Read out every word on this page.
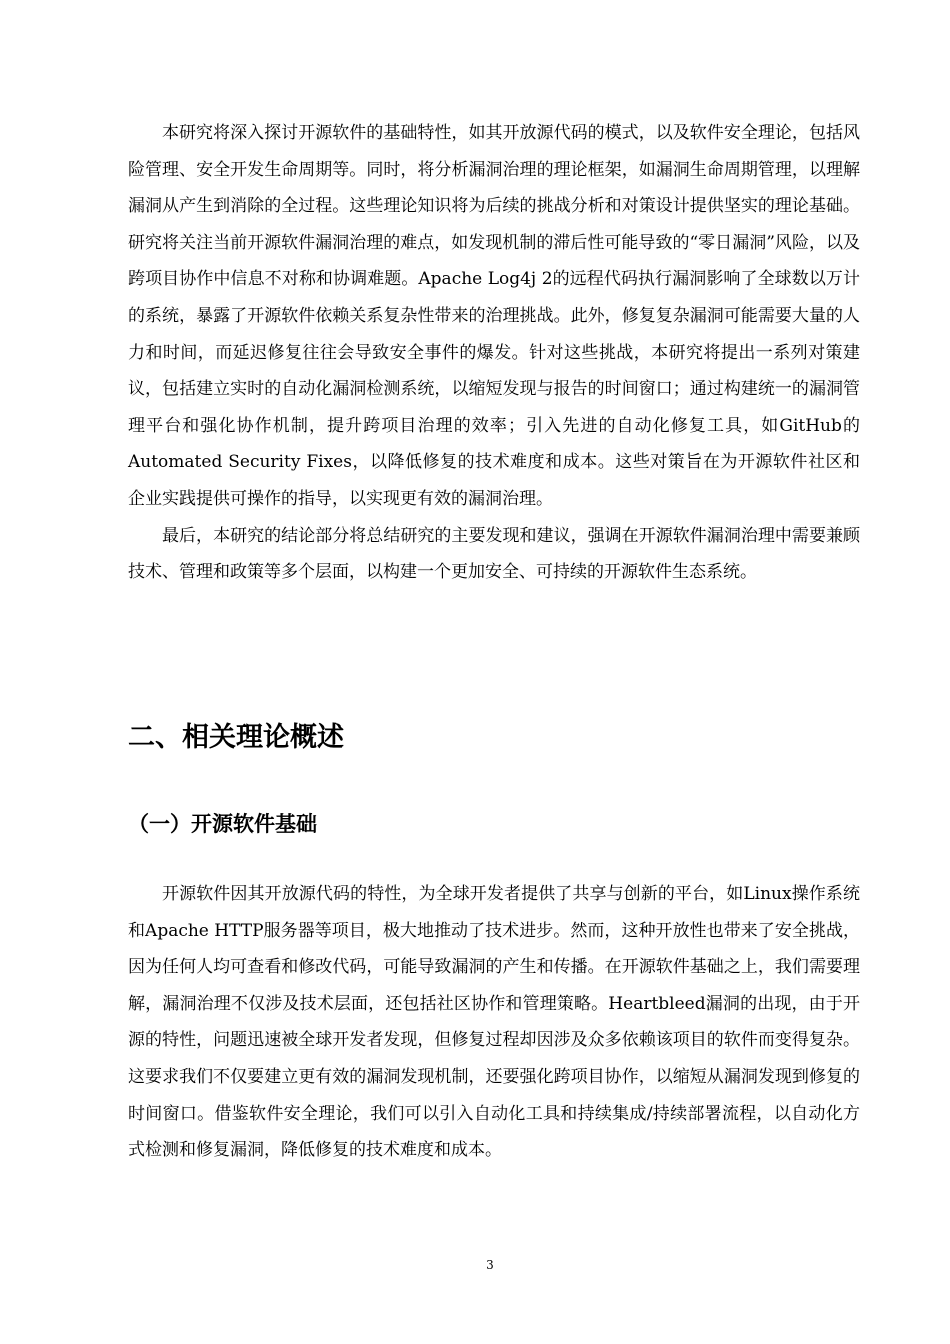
本研究将深入探讨开源软件的基础特性，如其开放源代码的模式，以及软件安全理论，包括风险管理、安全开发生命周期等。同时，将分析漏洞治理的理论框架，如漏洞生命周期管理，以理解漏洞从产生到消除的全过程。这些理论知识将为后续的挑战分析和对策设计提供坚实的理论基础。研究将关注当前开源软件漏洞治理的难点，如发现机制的滞后性可能导致的“零日漏洞”风险，以及跨项目协作中信息不对称和协调难题。Apache Log4j 2的远程代码执行漏洞影响了全球数以万计的系统，暴露了开源软件依赖关系复杂性带来的治理挑战。此外，修复复杂漏洞可能需要大量的人力和时间，而延迟修复往往会导致安全事件的爆发。针对这些挑战，本研究将提出一系列对策建议，包括建立实时的自动化漏洞检测系统，以缩短发现与报告的时间窗口；通过构建统一的漏洞管理平台和强化协作机制，提升跨项目治理的效率；引入先进的自动化修复工具，如GitHub的Automated Security Fixes，以降低修复的技术难度和成本。这些对策旨在为开源软件社区和企业实践提供可操作的指导，以实现更有效的漏洞治理。

最后，本研究的结论部分将总结研究的主要发现和建议，强调在开源软件漏洞治理中需要兼顾技术、管理和政策等多个层面，以构建一个更加安全、可持续的开源软件生态系统。

二、相关理论概述
（一）开源软件基础

开源软件因其开放源代码的特性，为全球开发者提供了共享与创新的平台，如Linux操作系统和Apache HTTP服务器等项目，极大地推动了技术进步。然而，这种开放性也带来了安全挑战，因为任何人均可查看和修改代码，可能导致漏洞的产生和传播。在开源软件基础之上，我们需要理解，漏洞治理不仅涉及技术层面，还包括社区协作和管理策略。Heartbleed漏洞的出现，由于开源的特性，问题迅速被全球开发者发现，但修复过程却因涉及众多依赖该项目的软件而变得复杂。这要求我们不仅要建立更有效的漏洞发现机制，还要强化跨项目协作，以缩短从漏洞发现到修复的时间窗口。借鉴软件安全理论，我们可以引入自动化工具和持续集成/持续部署流程，以自动化方式检测和修复漏洞，降低修复的技术难度和成本。

3
